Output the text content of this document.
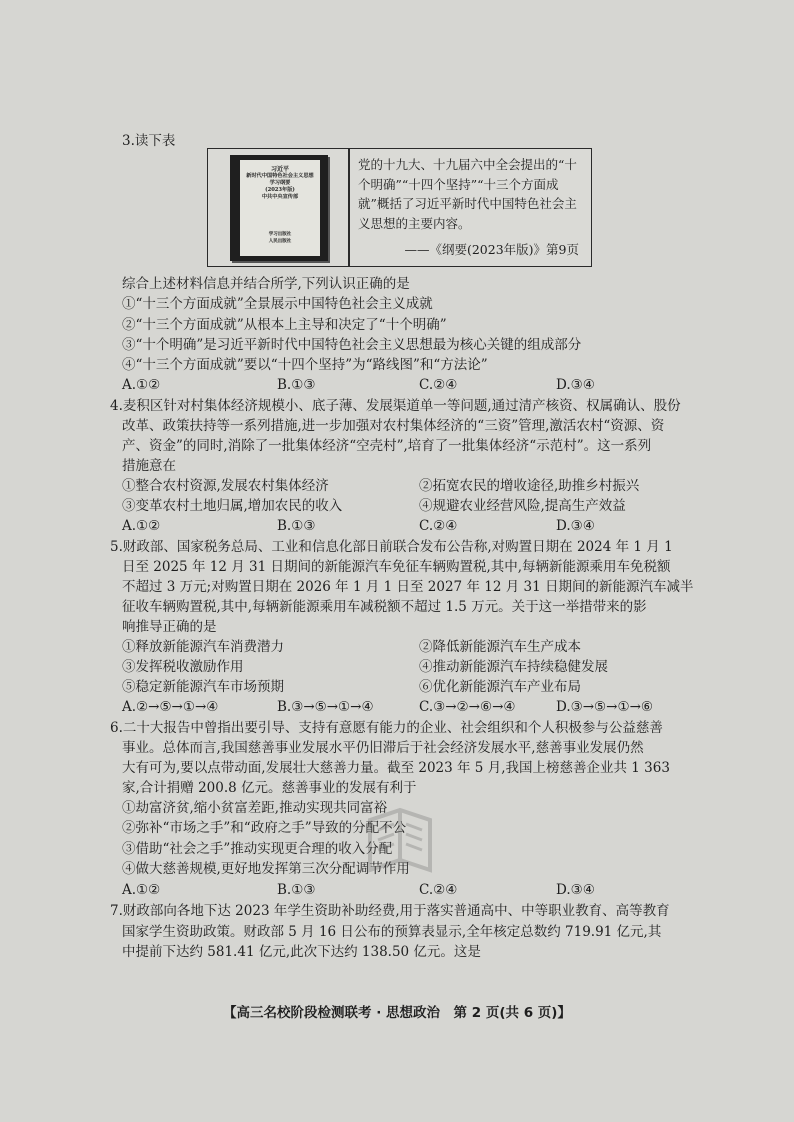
3.读下表
习近平
新时代中国特色社会主义思想
学习纲要
(2023年版)
中共中央宣传部
学习出版社
人民出版社
党的十九大、十九届六中全会提出的“十个明确”“十四个坚持”“十三个方面成就”概括了习近平新时代中国特色社会主义思想的主要内容。
——《纲要(2023年版)》第9页
综合上述材料信息并结合所学,下列认识正确的是
①“十三个方面成就”全景展示中国特色社会主义成就
②“十三个方面成就”从根本上主导和决定了“十个明确”
③“十个明确”是习近平新时代中国特色社会主义思想最为核心关键的组成部分
④“十三个方面成就”要以“十四个坚持”为“路线图”和“方法论”
A.①②	B.①③	C.②④	D.③④
4.麦积区针对村集体经济规模小、底子薄、发展渠道单一等问题,通过清产核资、权属确认、股份
改革、政策扶持等一系列措施,进一步加强对农村集体经济的“三资”管理,激活农村“资源、资
产、资金”的同时,消除了一批集体经济“空壳村”,培育了一批集体经济“示范村”。这一系列
措施意在
①整合农村资源,发展农村集体经济	②拓宽农民的增收途径,助推乡村振兴
③变革农村土地归属,增加农民的收入	④规避农业经营风险,提高生产效益
A.①②	B.①③	C.②④	D.③④
5.财政部、国家税务总局、工业和信息化部日前联合发布公告称,对购置日期在 2024 年 1 月 1
日至 2025 年 12 月 31 日期间的新能源汽车免征车辆购置税,其中,每辆新能源乘用车免税额
不超过 3 万元;对购置日期在 2026 年 1 月 1 日至 2027 年 12 月 31 日期间的新能源汽车减半
征收车辆购置税,其中,每辆新能源乘用车减税额不超过 1.5 万元。关于这一举措带来的影
响推导正确的是
①释放新能源汽车消费潜力	②降低新能源汽车生产成本
③发挥税收激励作用	④推动新能源汽车持续稳健发展
⑤稳定新能源汽车市场预期	⑥优化新能源汽车产业布局
A.②→⑤→①→④	B.③→⑤→①→④	C.③→②→⑥→④	D.③→⑤→①→⑥
6.二十大报告中曾指出要引导、支持有意愿有能力的企业、社会组织和个人积极参与公益慈善
事业。总体而言,我国慈善事业发展水平仍旧滞后于社会经济发展水平,慈善事业发展仍然
大有可为,要以点带动面,发展壮大慈善力量。截至 2023 年 5 月,我国上榜慈善企业共 1 363
家,合计捐赠 200.8 亿元。慈善事业的发展有利于
①劫富济贫,缩小贫富差距,推动实现共同富裕
②弥补“市场之手”和“政府之手”导致的分配不公
③借助“社会之手”推动实现更合理的收入分配
④做大慈善规模,更好地发挥第三次分配调节作用
A.①②	B.①③	C.②④	D.③④
7.财政部向各地下达 2023 年学生资助补助经费,用于落实普通高中、中等职业教育、高等教育
国家学生资助政策。财政部 5 月 16 日公布的预算表显示,全年核定总数约 719.91 亿元,其
中提前下达约 581.41 亿元,此次下达约 138.50 亿元。这是
【高三名校阶段检测联考 · 思想政治　第 2 页(共 6 页)】
